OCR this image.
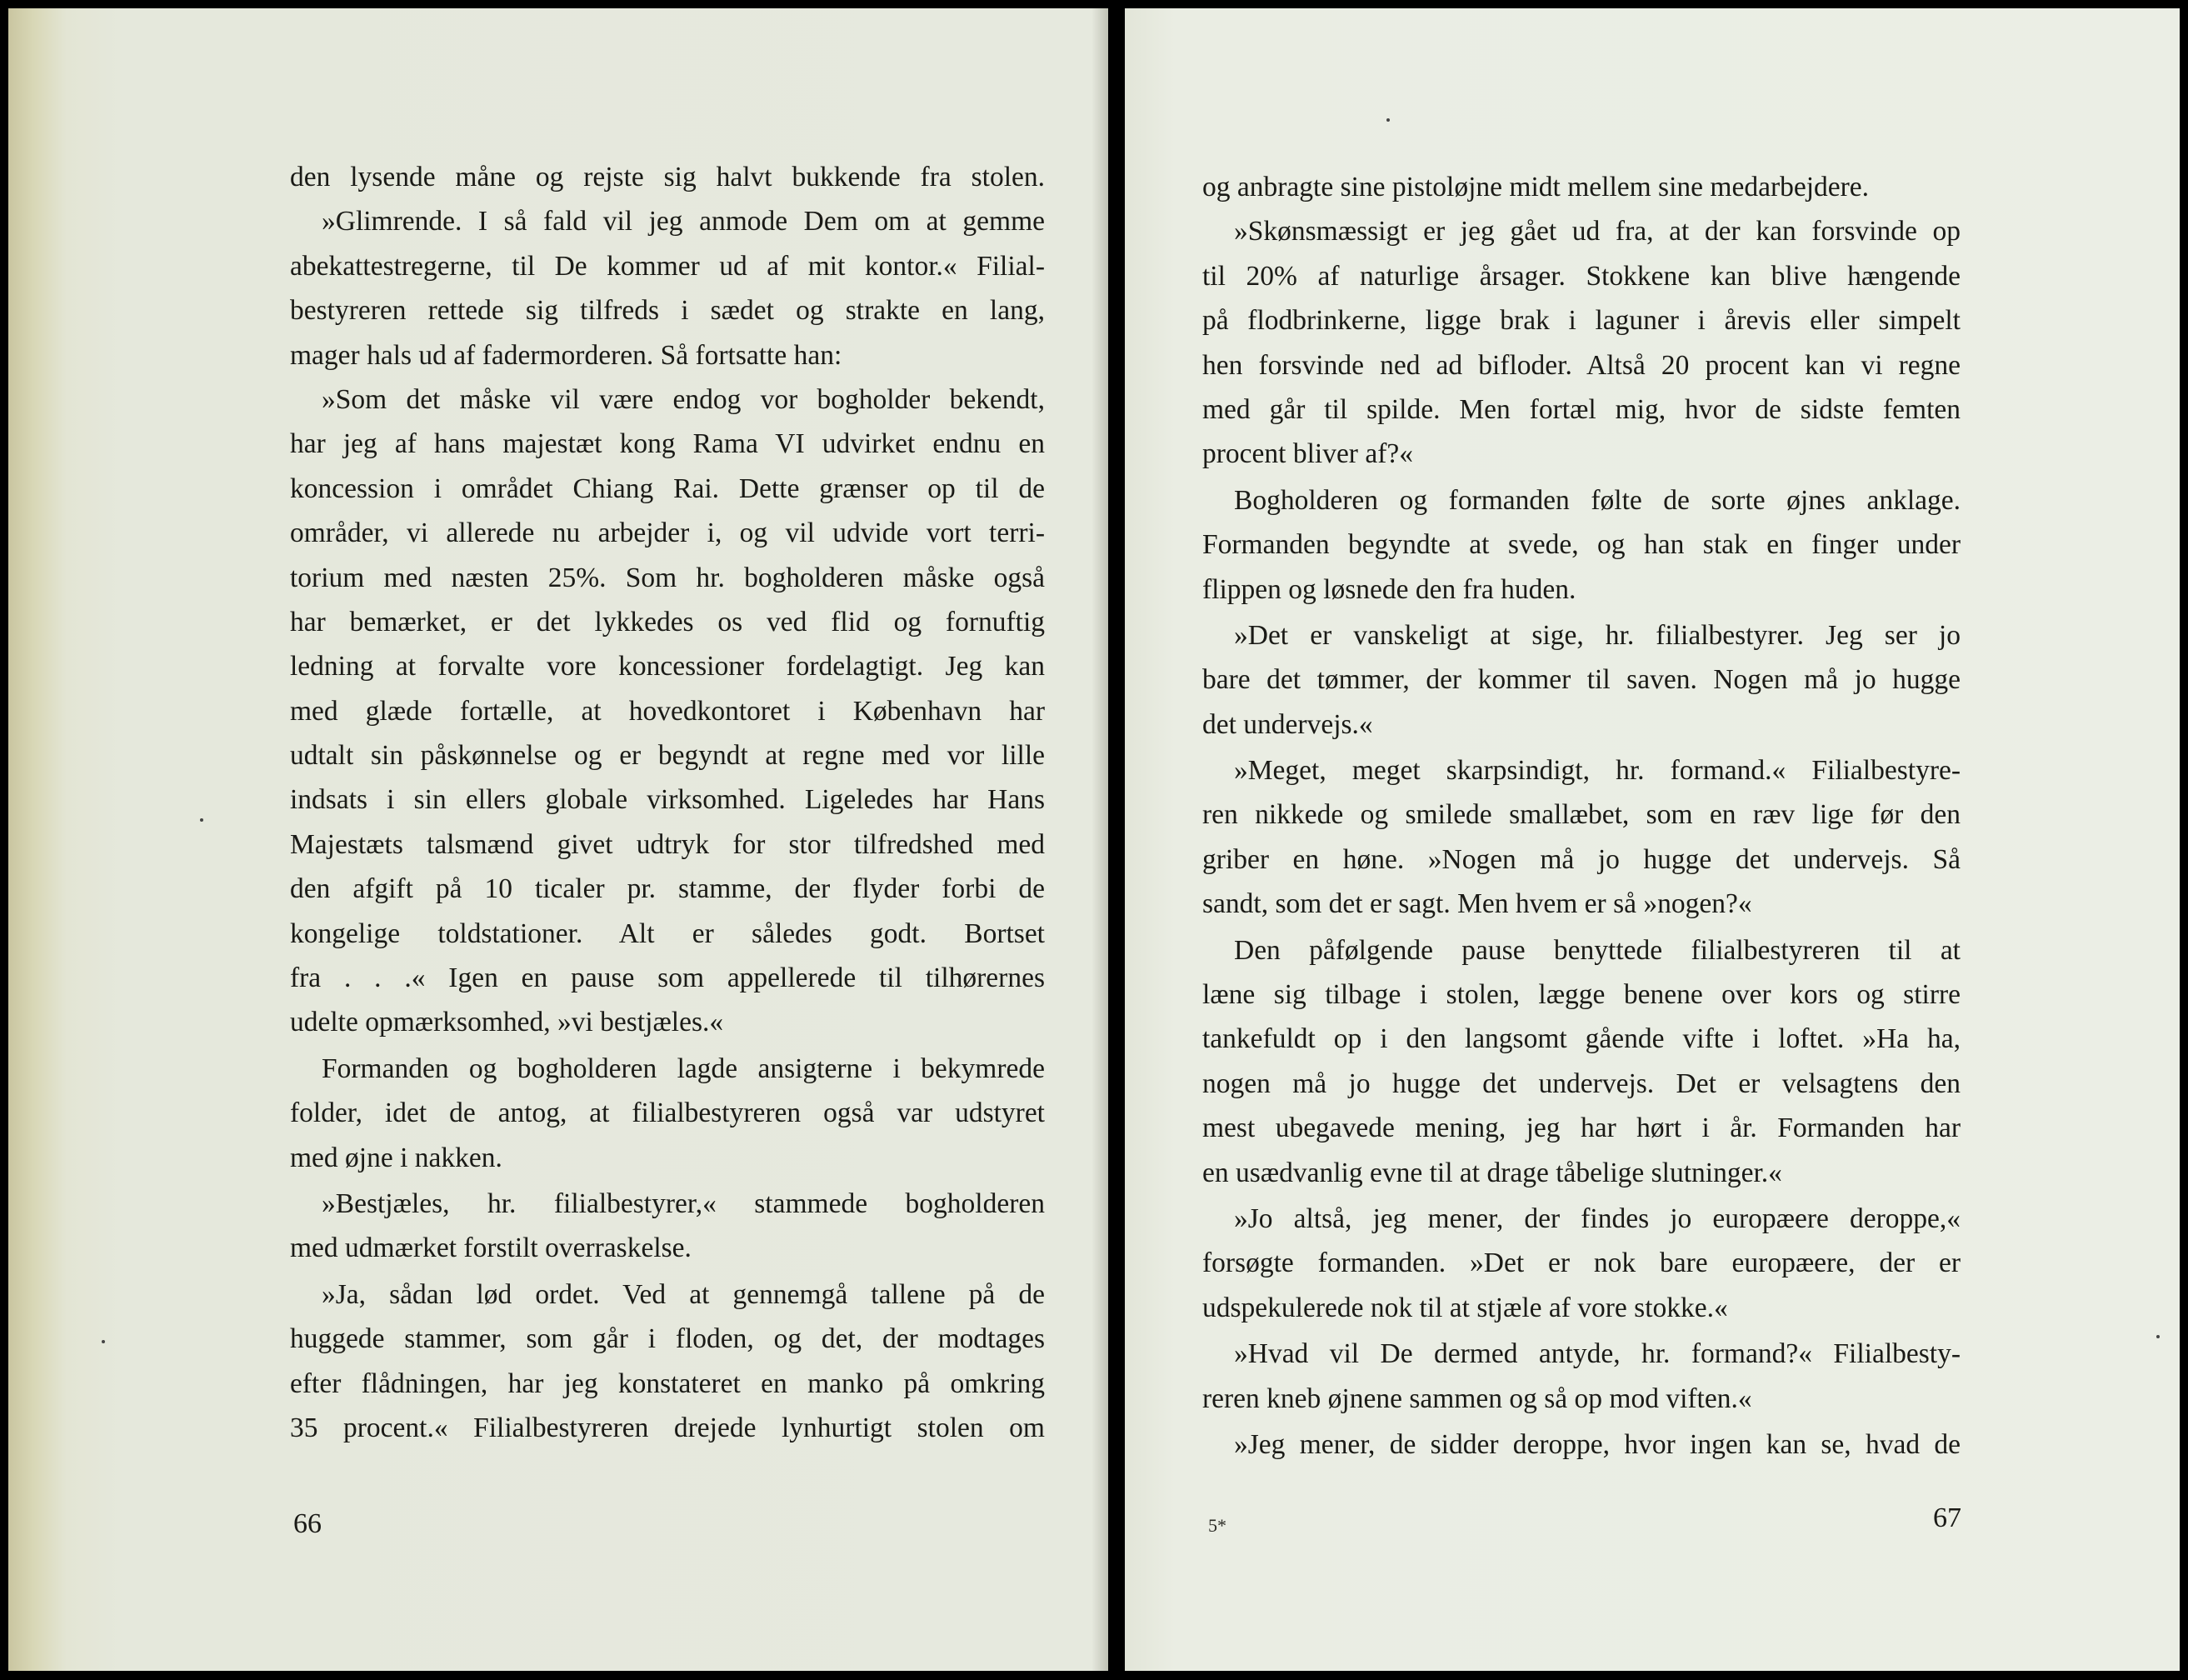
den lysende måne og rejste sig halvt bukkende fra stolen.
»Glimrende. I så fald vil jeg anmode Dem om at gemme
abekattestregerne, til De kommer ud af mit kontor.« Filial-
bestyreren rettede sig tilfreds i sædet og strakte en lang,
mager hals ud af fadermorderen. Så fortsatte han:
»Som det måske vil være endog vor bogholder bekendt,
har jeg af hans majestæt kong Rama VI udvirket endnu en
koncession i området Chiang Rai. Dette grænser op til de
områder, vi allerede nu arbejder i, og vil udvide vort terri-
torium med næsten 25%. Som hr. bogholderen måske også
har bemærket, er det lykkedes os ved flid og fornuftig
ledning at forvalte vore koncessioner fordelagtigt. Jeg kan
med glæde fortælle, at hovedkontoret i København har
udtalt sin påskønnelse og er begyndt at regne med vor lille
indsats i sin ellers globale virksomhed. Ligeledes har Hans
Majestæts talsmænd givet udtryk for stor tilfredshed med
den afgift på 10 ticaler pr. stamme, der flyder forbi de
kongelige toldstationer. Alt er således godt. Bortset
fra . . .« Igen en pause som appellerede til tilhørernes
udelte opmærksomhed, »vi bestjæles.«
Formanden og bogholderen lagde ansigterne i bekymrede
folder, idet de antog, at filialbestyreren også var udstyret
med øjne i nakken.
»Bestjæles, hr. filialbestyrer,« stammede bogholderen
med udmærket forstilt overraskelse.
»Ja, sådan lød ordet. Ved at gennemgå tallene på de
huggede stammer, som går i floden, og det, der modtages
efter flådningen, har jeg konstateret en manko på omkring
35 procent.« Filialbestyreren drejede lynhurtigt stolen om
66
og anbragte sine pistoløjne midt mellem sine medarbejdere.
»Skønsmæssigt er jeg gået ud fra, at der kan forsvinde op
til 20% af naturlige årsager. Stokkene kan blive hængende
på flodbrinkerne, ligge brak i laguner i årevis eller simpelt
hen forsvinde ned ad bifloder. Altså 20 procent kan vi regne
med går til spilde. Men fortæl mig, hvor de sidste femten
procent bliver af?«
Bogholderen og formanden følte de sorte øjnes anklage.
Formanden begyndte at svede, og han stak en finger under
flippen og løsnede den fra huden.
»Det er vanskeligt at sige, hr. filialbestyrer. Jeg ser jo
bare det tømmer, der kommer til saven. Nogen må jo hugge
det undervejs.«
»Meget, meget skarpsindigt, hr. formand.« Filialbestyre-
ren nikkede og smilede smallæbet, som en ræv lige før den
griber en høne. »Nogen må jo hugge det undervejs. Så
sandt, som det er sagt. Men hvem er så »nogen?«
Den påfølgende pause benyttede filialbestyreren til at
læne sig tilbage i stolen, lægge benene over kors og stirre
tankefuldt op i den langsomt gående vifte i loftet. »Ha ha,
nogen må jo hugge det undervejs. Det er velsagtens den
mest ubegavede mening, jeg har hørt i år. Formanden har
en usædvanlig evne til at drage tåbelige slutninger.«
»Jo altså, jeg mener, der findes jo europæere deroppe,«
forsøgte formanden. »Det er nok bare europæere, der er
udspekulerede nok til at stjæle af vore stokke.«
»Hvad vil De dermed antyde, hr. formand?« Filialbesty-
reren kneb øjnene sammen og så op mod viften.«
»Jeg mener, de sidder deroppe, hvor ingen kan se, hvad de
5*	67
